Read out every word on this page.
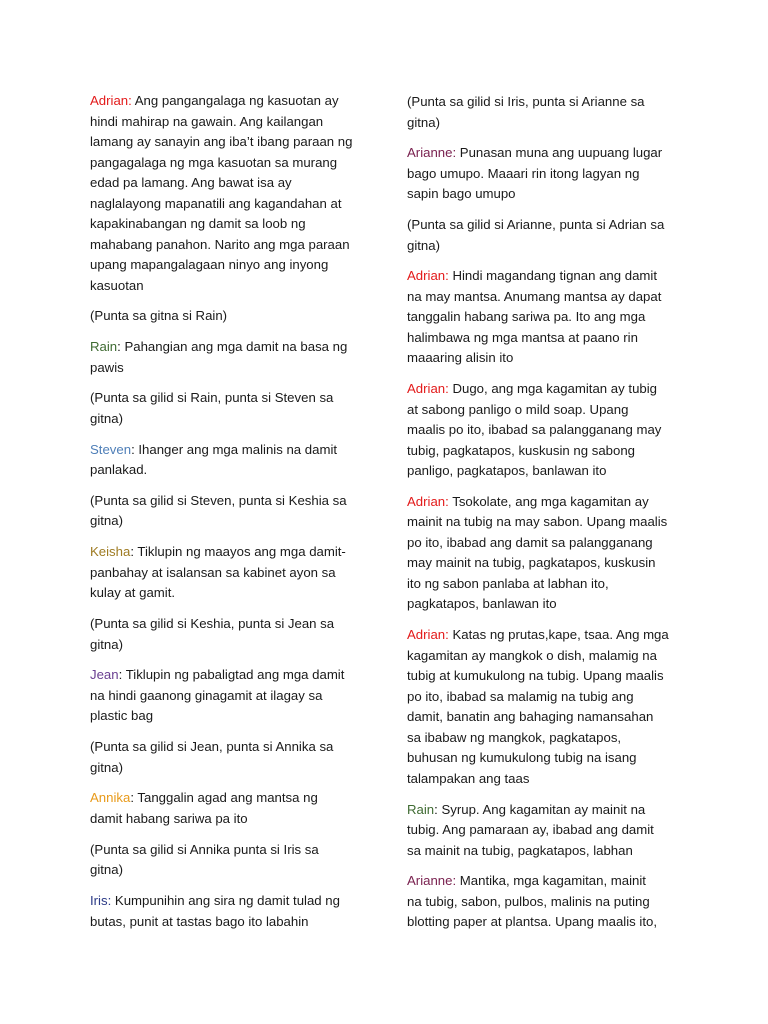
Adrian: Ang pangangalaga ng kasuotan ay
hindi mahirap na gawain. Ang kailangan
lamang ay sanayin ang iba’t ibang paraan ng
pangagalaga ng mga kasuotan sa murang
edad pa lamang. Ang bawat isa ay
naglalayong mapanatili ang kagandahan at
kapakinabangan ng damit sa loob ng
mahabang panahon. Narito ang mga paraan
upang mapangalagaan ninyo ang inyong
kasuotan

(Punta sa gitna si Rain)

Rain: Pahangian ang mga damit na basa ng
pawis

(Punta sa gilid si Rain, punta si Steven sa
gitna)

Steven: Ihanger ang mga malinis na damit
panlakad.

(Punta sa gilid si Steven, punta si Keshia sa
gitna)

Keisha: Tiklupin ng maayos ang mga damit-
panbahay at isalansan sa kabinet ayon sa
kulay at gamit.

(Punta sa gilid si Keshia, punta si Jean sa
gitna)

Jean: Tiklupin ng pabaligtad ang mga damit
na hindi gaanong ginagamit at ilagay sa
plastic bag

(Punta sa gilid si Jean, punta si Annika sa
gitna)

Annika: Tanggalin agad ang mantsa ng
damit habang sariwa pa ito

(Punta sa gilid si Annika punta si Iris sa
gitna)

Iris: Kumpunihin ang sira ng damit tulad ng
butas, punit at tastas bago ito labahin

(Punta sa gilid si Iris, punta si Arianne sa
gitna)

Arianne: Punasan muna ang uupuang lugar
bago umupo. Maaari rin itong lagyan ng
sapin bago umupo

(Punta sa gilid si Arianne, punta si Adrian sa
gitna)

Adrian: Hindi magandang tignan ang damit
na may mantsa. Anumang mantsa ay dapat
tanggalin habang sariwa pa. Ito ang mga
halimbawa ng mga mantsa at paano rin
maaaring alisin ito

Adrian: Dugo, ang mga kagamitan ay tubig
at sabong panligo o mild soap. Upang
maalis po ito, ibabad sa palangganang may
tubig, pagkatapos, kuskusin ng sabong
panligo, pagkatapos, banlawan ito

Adrian: Tsokolate, ang mga kagamitan ay
mainit na tubig na may sabon. Upang maalis
po ito, ibabad ang damit sa palangganang
may mainit na tubig, pagkatapos, kuskusin
ito ng sabon panlaba at labhan ito,
pagkatapos, banlawan ito

Adrian: Katas ng prutas,kape, tsaa. Ang mga
kagamitan ay mangkok o dish, malamig na
tubig at kumukulong na tubig. Upang maalis
po ito, ibabad sa malamig na tubig ang
damit, banatin ang bahaging namansahan
sa ibabaw ng mangkok, pagkatapos,
buhusan ng kumukulong tubig na isang
talampakan ang taas

Rain: Syrup. Ang kagamitan ay mainit na
tubig. Ang pamaraan ay, ibabad ang damit
sa mainit na tubig, pagkatapos, labhan

Arianne: Mantika, mga kagamitan, mainit
na tubig, sabon, pulbos, malinis na puting
blotting paper at plantsa. Upang maalis ito,
